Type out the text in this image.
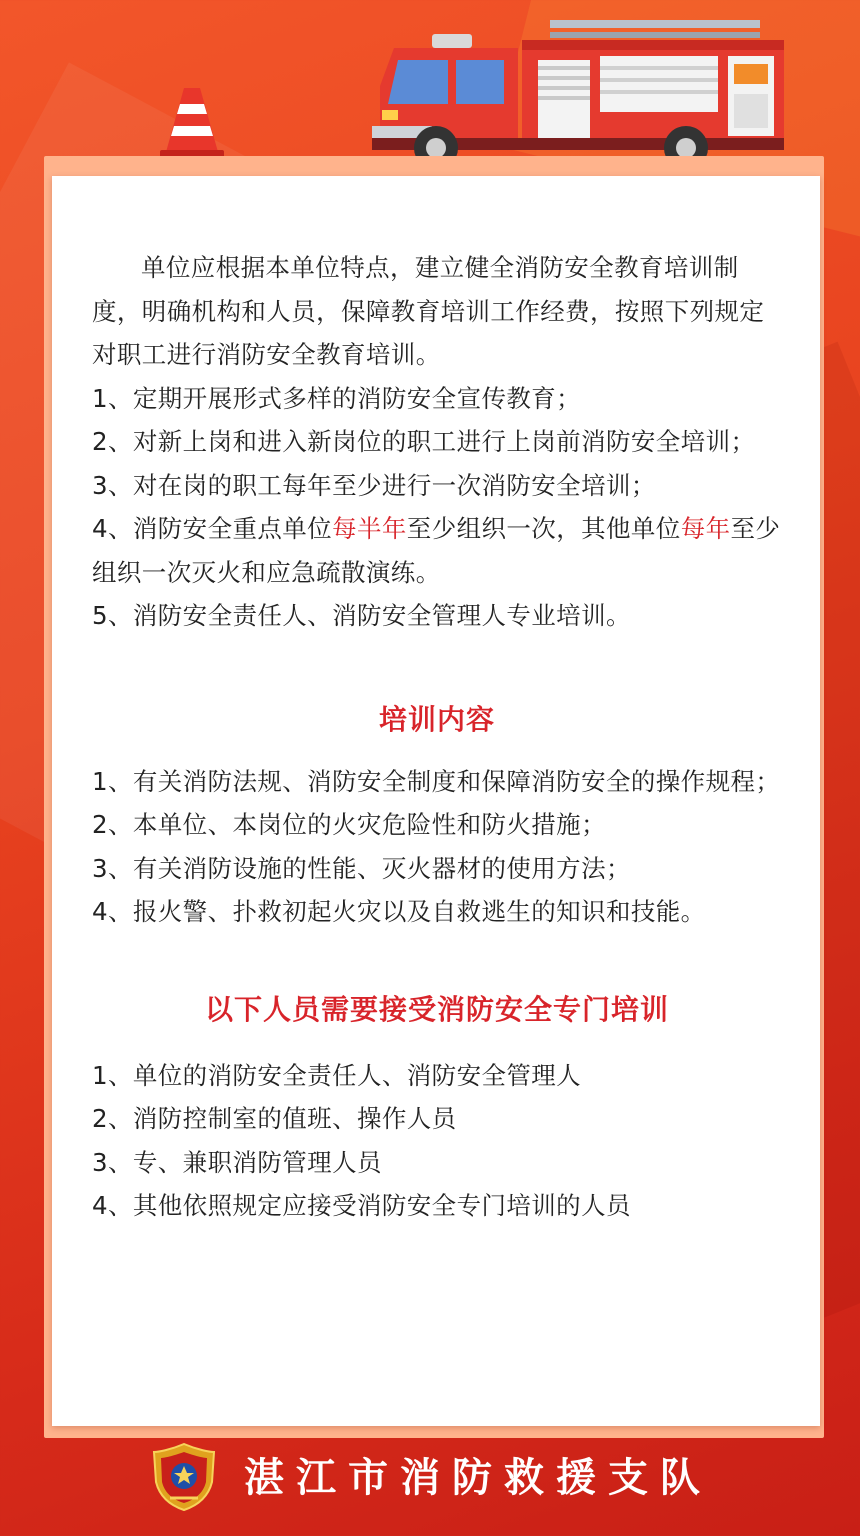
单位应根据本单位特点，建立健全消防安全教育培训制度，明确机构和人员，保障教育培训工作经费，按照下列规定对职工进行消防安全教育培训。

1、定期开展形式多样的消防安全宣传教育；

2、对新上岗和进入新岗位的职工进行上岗前消防安全培训；

3、对在岗的职工每年至少进行一次消防安全培训；

4、消防安全重点单位每半年至少组织一次，其他单位每年至少组织一次灭火和应急疏散演练。

5、消防安全责任人、消防安全管理人专业培训。

培训内容

1、有关消防法规、消防安全制度和保障消防安全的操作规程；

2、本单位、本岗位的火灾危险性和防火措施；

3、有关消防设施的性能、灭火器材的使用方法；

4、报火警、扑救初起火灾以及自救逃生的知识和技能。

以下人员需要接受消防安全专门培训

1、单位的消防安全责任人、消防安全管理人

2、消防控制室的值班、操作人员

3、专、兼职消防管理人员

4、其他依照规定应接受消防安全专门培训的人员

湛江市消防救援支队
